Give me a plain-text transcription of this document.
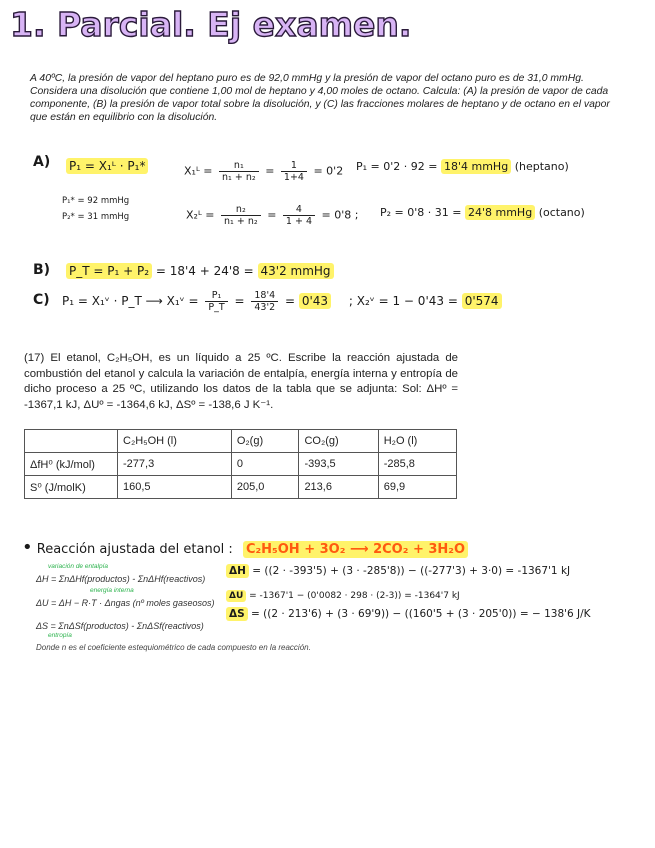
1. Parcial. Ej examen.
A 40ºC, la presión de vapor del heptano puro es de 92,0 mmHg y la presión de vapor del octano puro es de 31,0 mmHg. Considera una disolución que contiene 1,00 mol de heptano y 4,00 moles de octano. Calcula: (A) la presión de vapor de cada componente, (B) la presión de vapor total sobre la disolución, y (C) las fracciones molares de heptano y de octano en el vapor que están en equilibrio con la disolución.
A) P₁ = X₁ᴸ · P₁*	X₁ᴸ = $\frac{\text{n₁}}{\text{n₁ + n₂}} = \frac{1}{1+4} = 0'2$ P₁ = 0'2 · 92 = 18'4 mmHg (heptano)
P₁* = 92 mmHg
P₂* = 31 mmHg	X₂ᴸ = $\frac{\text{n₂}}{\text{n₁ + n₂}} = \frac{4}{1 + 4} = 0'8$ ; P₂ = 0'8 · 31 = 24'8 mmHg (octano)
B) P_T = P₁ + P₂ = 18'4 + 24'8 = 43'2 mmHg
C) P₁ = X₁ᵛ · P_T ⟶ X₁ᵛ = $\frac{\text{P₁}}{P\_T} = \frac{18'4}{43'2} = 0'43$ ; X₂ᵛ = 1 − 0'43 = 0'574
(17) El etanol, C₂H₅OH, es un líquido a 25 ºC. Escribe la reacción ajustada de combustión del etanol y calcula la variación de entalpía, energía interna y entropía de dicho proceso a 25 ºC, utilizando los datos de la tabla que se adjunta: Sol: ΔHº = -1367,1 kJ, ΔUº = -1364,6 kJ, ΔSº = -138,6 J K⁻¹.
	C₂H₅OH (l)	O₂(g)	CO₂(g)	H₂O (l)
ΔfH⁰ (kJ/mol)	-277,3	0	-393,5	-285,8
S⁰ (J/molK)	160,5	205,0	213,6	69,9
• Reacción ajustada del etanol : C₂H₅OH + 3O₂ ⟶ 2CO₂ + 3H₂O
variación de entalpía
energía interna
entropía
ΔH = ΣnΔHf(productos) - ΣnΔHf(reactivos)
ΔU = ΔH − R·T · Δngas (nº moles gaseosos)
ΔS = ΣnΔSf(productos) - ΣnΔSf(reactivos)
ΔH = ((2 · -393'5) + (3 · -285'8)) − ((-277'3) + 3·0) = -1367'1 kJ
ΔU = -1367'1 − (0'0082 · 298 · (2-3)) = -1364'7 kJ
ΔS = ((2 · 213'6) + (3 · 69'9)) − ((160'5 + (3 · 205'0)) = − 138'6 J/K
Donde n es el coeficiente estequiométrico de cada compuesto en la reacción.
